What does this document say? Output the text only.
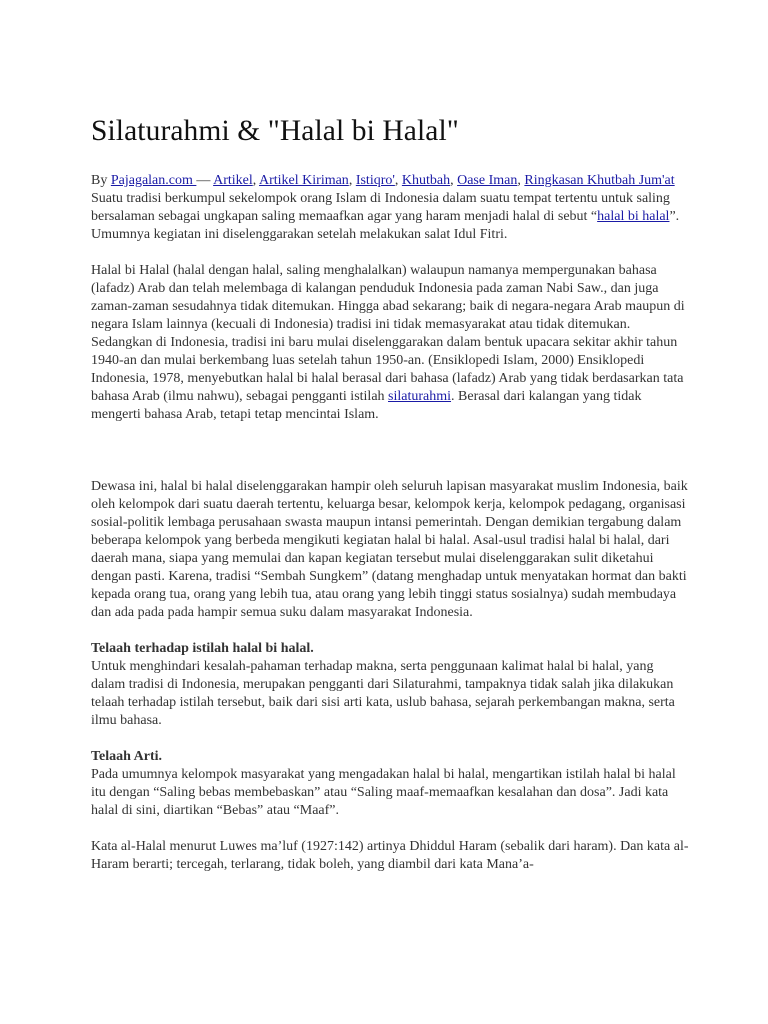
Silaturahmi & "Halal bi Halal"
By Pajagalan.com — Artikel, Artikel Kiriman, Istiqro', Khutbah, Oase Iman, Ringkasan Khutbah Jum'at

Suatu tradisi berkumpul sekelompok orang Islam di Indonesia dalam suatu tempat tertentu untuk saling bersalaman sebagai ungkapan saling memaafkan agar yang haram menjadi halal di sebut “halal bi halal”. Umumnya kegiatan ini diselenggarakan setelah melakukan salat Idul Fitri.

Halal bi Halal (halal dengan halal, saling menghalalkan) walaupun namanya mempergunakan bahasa (lafadz) Arab dan telah melembaga di kalangan penduduk Indonesia pada zaman Nabi Saw., dan juga zaman-zaman sesudahnya tidak ditemukan. Hingga abad sekarang; baik di negara-negara Arab maupun di negara Islam lainnya (kecuali di Indonesia) tradisi ini tidak memasyarakat atau tidak ditemukan. Sedangkan di Indonesia, tradisi ini baru mulai diselenggarakan dalam bentuk upacara sekitar akhir tahun 1940-an dan mulai berkembang luas setelah tahun 1950-an. (Ensiklopedi Islam, 2000) Ensiklopedi Indonesia, 1978, menyebutkan halal bi halal berasal dari bahasa (lafadz) Arab yang tidak berdasarkan tata bahasa Arab (ilmu nahwu), sebagai pengganti istilah silaturahmi. Berasal dari kalangan yang tidak mengerti bahasa Arab, tetapi tetap mencintai Islam.

Dewasa ini, halal bi halal diselenggarakan hampir oleh seluruh lapisan masyarakat muslim Indonesia, baik oleh kelompok dari suatu daerah tertentu, keluarga besar, kelompok kerja, kelompok pedagang, organisasi sosial-politik lembaga perusahaan swasta maupun intansi pemerintah. Dengan demikian tergabung dalam beberapa kelompok yang berbeda mengikuti kegiatan halal bi halal. Asal-usul tradisi halal bi halal, dari daerah mana, siapa yang memulai dan kapan kegiatan tersebut mulai diselenggarakan sulit diketahui dengan pasti. Karena, tradisi “Sembah Sungkem” (datang menghadap untuk menyatakan hormat dan bakti kepada orang tua, orang yang lebih tua, atau orang yang lebih tinggi status sosialnya) sudah membudaya dan ada pada pada hampir semua suku dalam masyarakat Indonesia.

Telaah terhadap istilah halal bi halal.

Untuk menghindari kesalah-pahaman terhadap makna, serta penggunaan kalimat halal bi halal, yang dalam tradisi di Indonesia, merupakan pengganti dari Silaturahmi, tampaknya tidak salah jika dilakukan telaah terhadap istilah tersebut, baik dari sisi arti kata, uslub bahasa, sejarah perkembangan makna, serta ilmu bahasa.

Telaah Arti.

Pada umumnya kelompok masyarakat yang mengadakan halal bi halal, mengartikan istilah halal bi halal itu dengan “Saling bebas membebaskan” atau “Saling maaf-memaafkan kesalahan dan dosa”. Jadi kata halal di sini, diartikan “Bebas” atau “Maaf”.

Kata al-Halal menurut Luwes ma’luf (1927:142) artinya Dhiddul Haram (sebalik dari haram). Dan kata al-Haram berarti; tercegah, terlarang, tidak boleh, yang diambil dari kata Mana’a-
